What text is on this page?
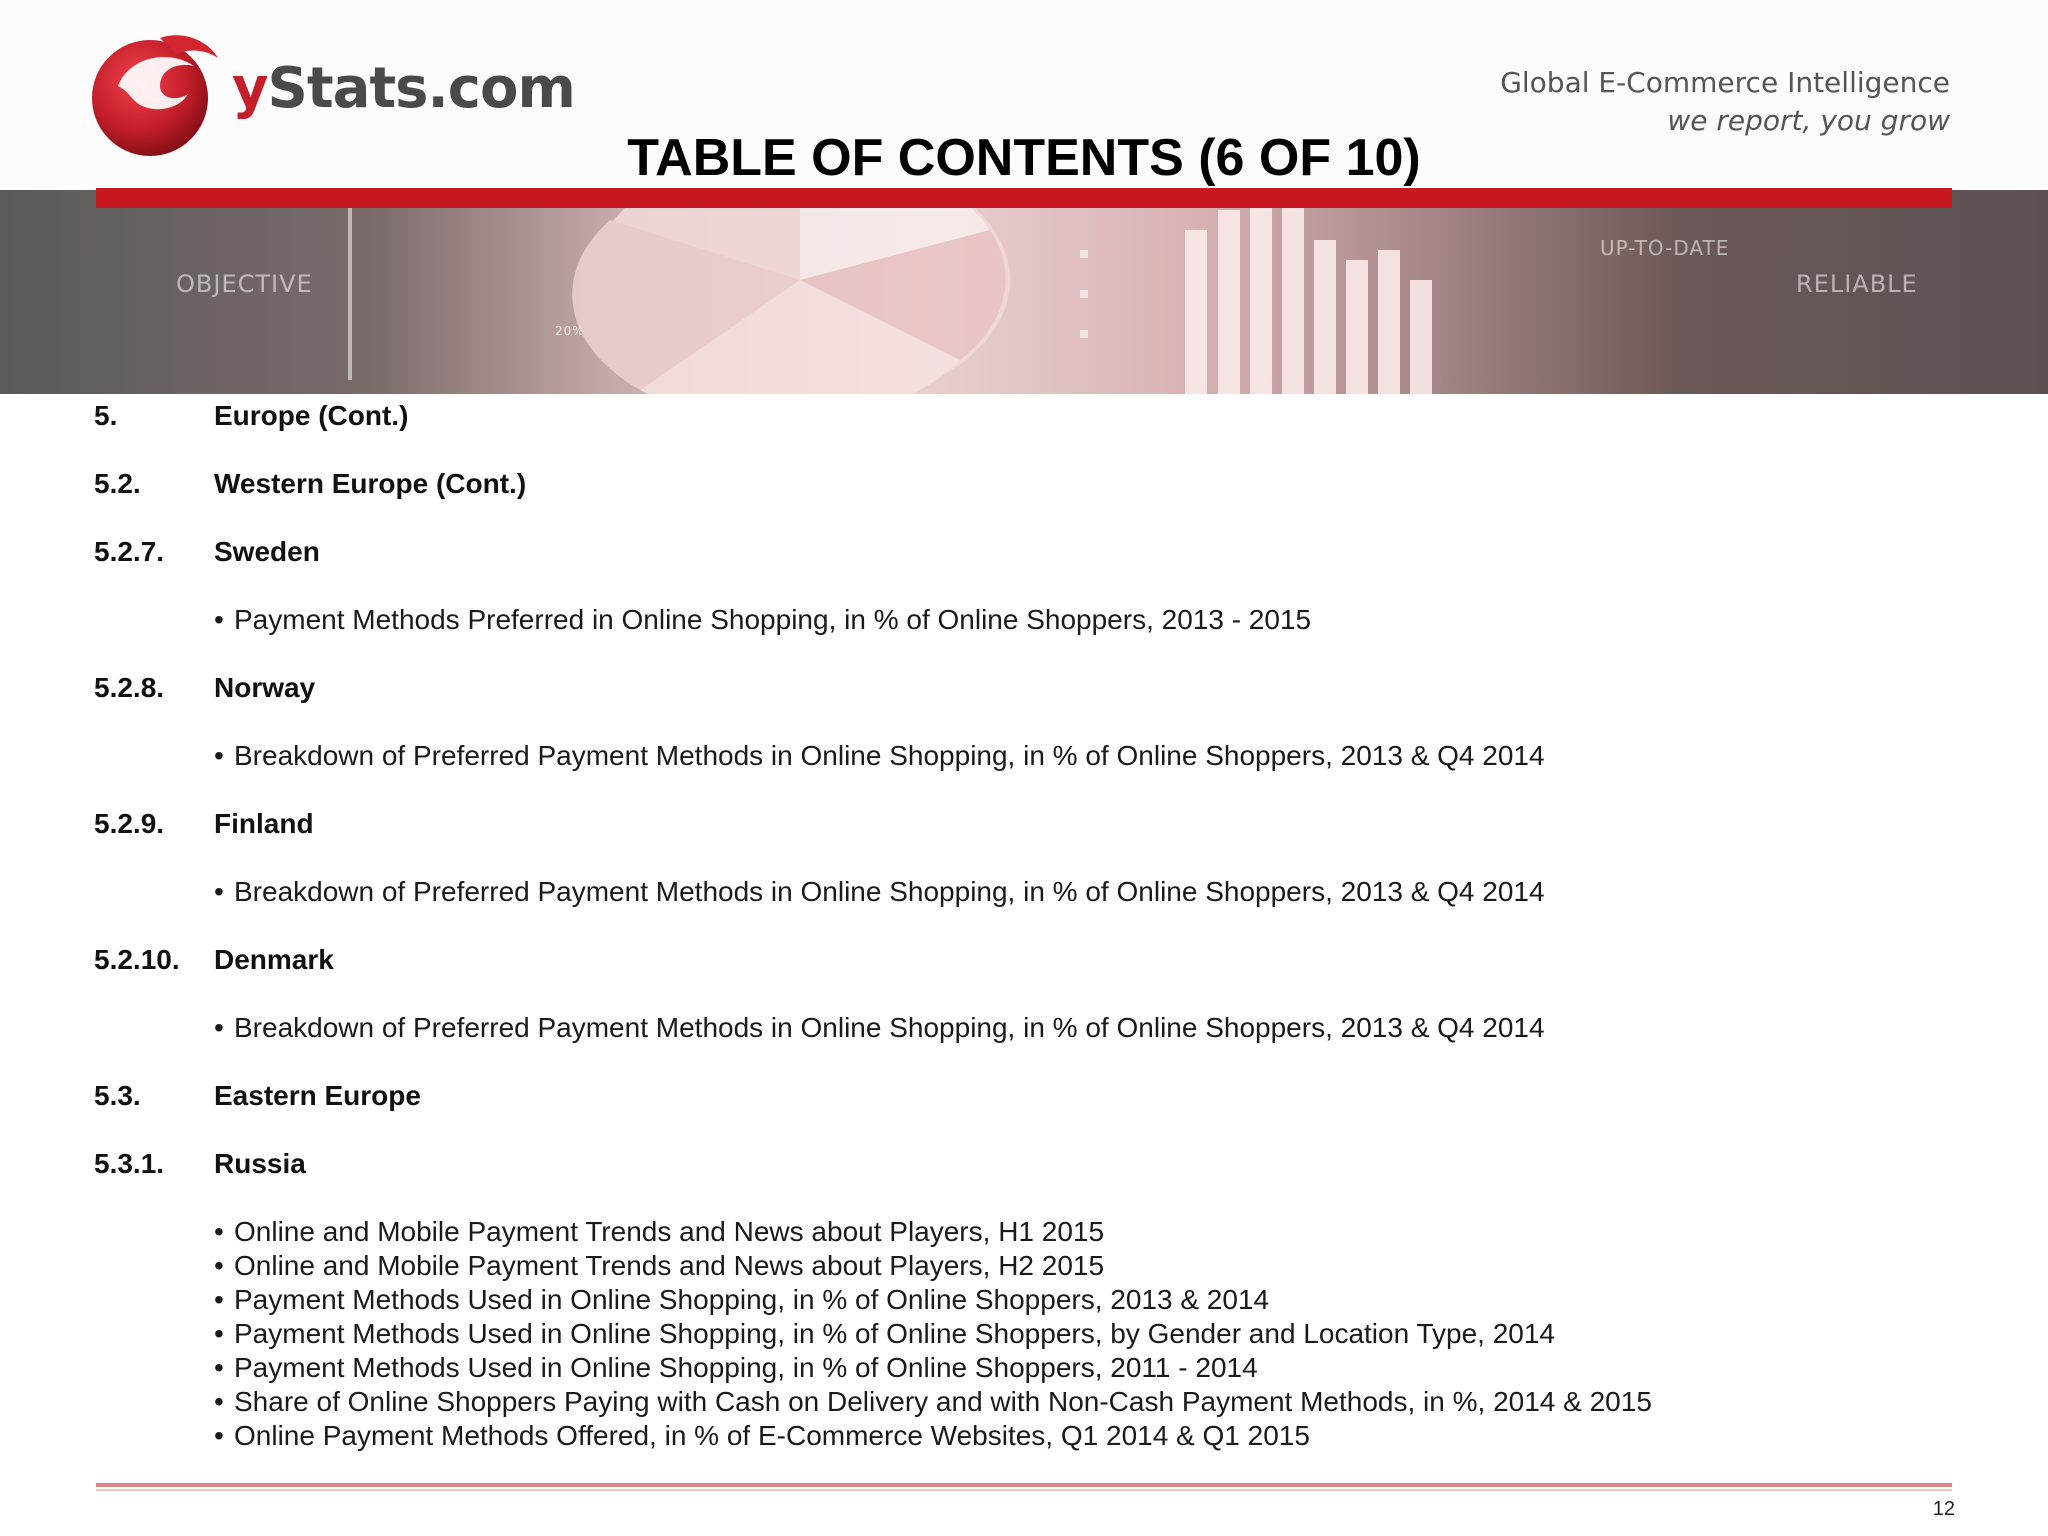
yStats.com	Global E-Commerce Intelligence
we report, you grow
TABLE OF CONTENTS (6 OF 10)
OBJECTIVE
UP-TO-DATE
RELIABLE
20%
5.	Europe (Cont.)
5.2.	Western Europe (Cont.)
5.2.7. Sweden
• Payment Methods Preferred in Online Shopping, in % of Online Shoppers, 2013 - 2015
5.2.8. Norway
• Breakdown of Preferred Payment Methods in Online Shopping, in % of Online Shoppers, 2013 & Q4 2014
5.2.9. Finland
• Breakdown of Preferred Payment Methods in Online Shopping, in % of Online Shoppers, 2013 & Q4 2014
5.2.10. Denmark
• Breakdown of Preferred Payment Methods in Online Shopping, in % of Online Shoppers, 2013 & Q4 2014
5.3.	Eastern Europe
5.3.1. Russia
• Online and Mobile Payment Trends and News about Players, H1 2015
• Online and Mobile Payment Trends and News about Players, H2 2015
• Payment Methods Used in Online Shopping, in % of Online Shoppers, 2013 & 2014
• Payment Methods Used in Online Shopping, in % of Online Shoppers, by Gender and Location Type, 2014
• Payment Methods Used in Online Shopping, in % of Online Shoppers, 2011 - 2014
• Share of Online Shoppers Paying with Cash on Delivery and with Non-Cash Payment Methods, in %, 2014 & 2015
• Online Payment Methods Offered, in % of E-Commerce Websites, Q1 2014 & Q1 2015
12
